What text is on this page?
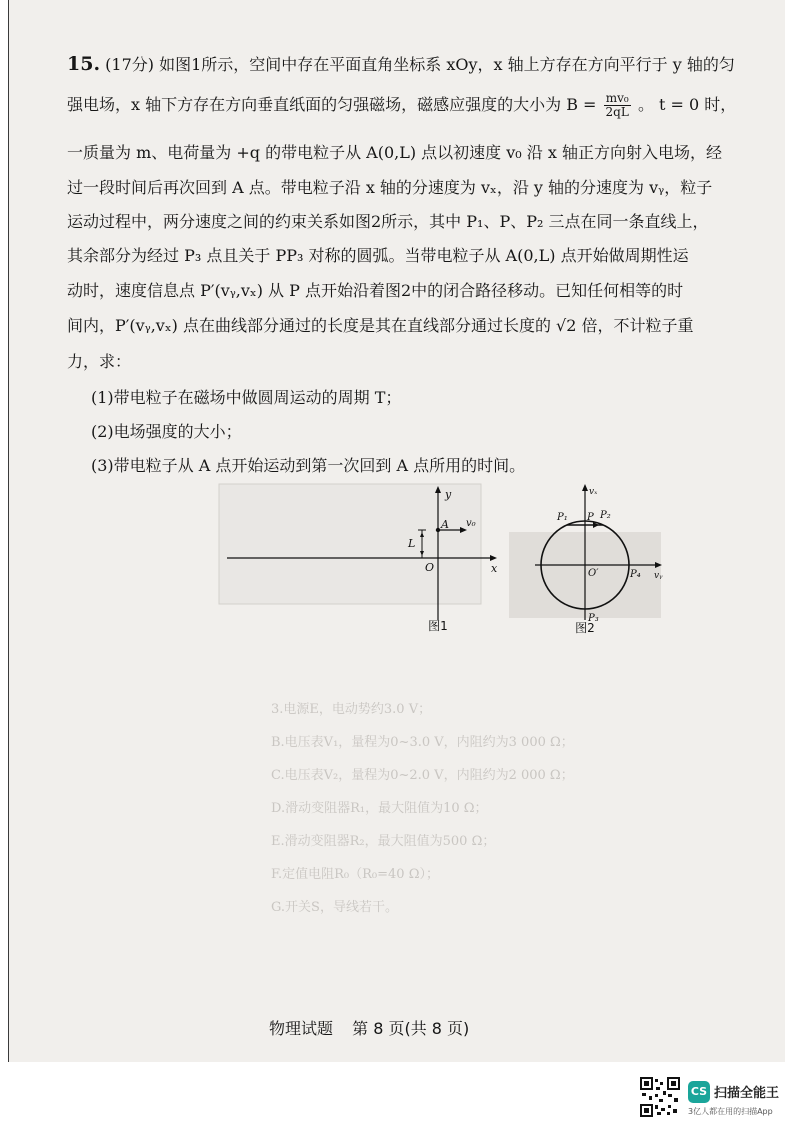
15. (17分) 如图1所示，空间中存在平面直角坐标系 xOy，x 轴上方存在方向平行于 y 轴的匀
强电场，x 轴下方存在方向垂直纸面的匀强磁场，磁感应强度的大小为 $B = \frac{\text{mv₀}}{2qL}$ 。 t = 0 时，
一质量为 m、电荷量为 +q 的带电粒子从 A(0,L) 点以初速度 v₀ 沿 x 轴正方向射入电场，经
过一段时间后再次回到 A 点。带电粒子沿 x 轴的分速度为 vₓ，沿 y 轴的分速度为 vᵧ，粒子
运动过程中，两分速度之间的约束关系如图2所示，其中 P₁、P、P₂ 三点在同一条直线上，
其余部分为经过 P₃ 点且关于 PP₃ 对称的圆弧。当带电粒子从 A(0,L) 点开始做周期性运
动时，速度信息点 P′(vᵧ,vₓ) 从 P 点开始沿着图2中的闭合路径移动。已知任何相等的时
间内，P′(vᵧ,vₓ) 点在曲线部分通过的长度是其在直线部分通过长度的 √2 倍，不计粒子重
力，求：
(1)带电粒子在磁场中做圆周运动的周期 T；
(2)电场强度的大小；
(3)带电粒子从 A 点开始运动到第一次回到 A 点所用的时间。
y
x
A v₀
L
O
图1
vₓ
vᵧ
P₁ P P₂
P₃
P₄
O′
图2
3.电源E，电动势约3.0 V；
B.电压表V₁，量程为0~3.0 V，内阻约为3 000 Ω；
C.电压表V₂，量程为0~2.0 V，内阻约为2 000 Ω；
D.滑动变阻器R₁，最大阻值为10 Ω；
E.滑动变阻器R₂，最大阻值为500 Ω；
F.定值电阻R₀（R₀=40 Ω）；
G.开关S，导线若干。
物理试题 第 8 页(共 8 页)
CS 扫描全能王
3亿人都在用的扫描App
